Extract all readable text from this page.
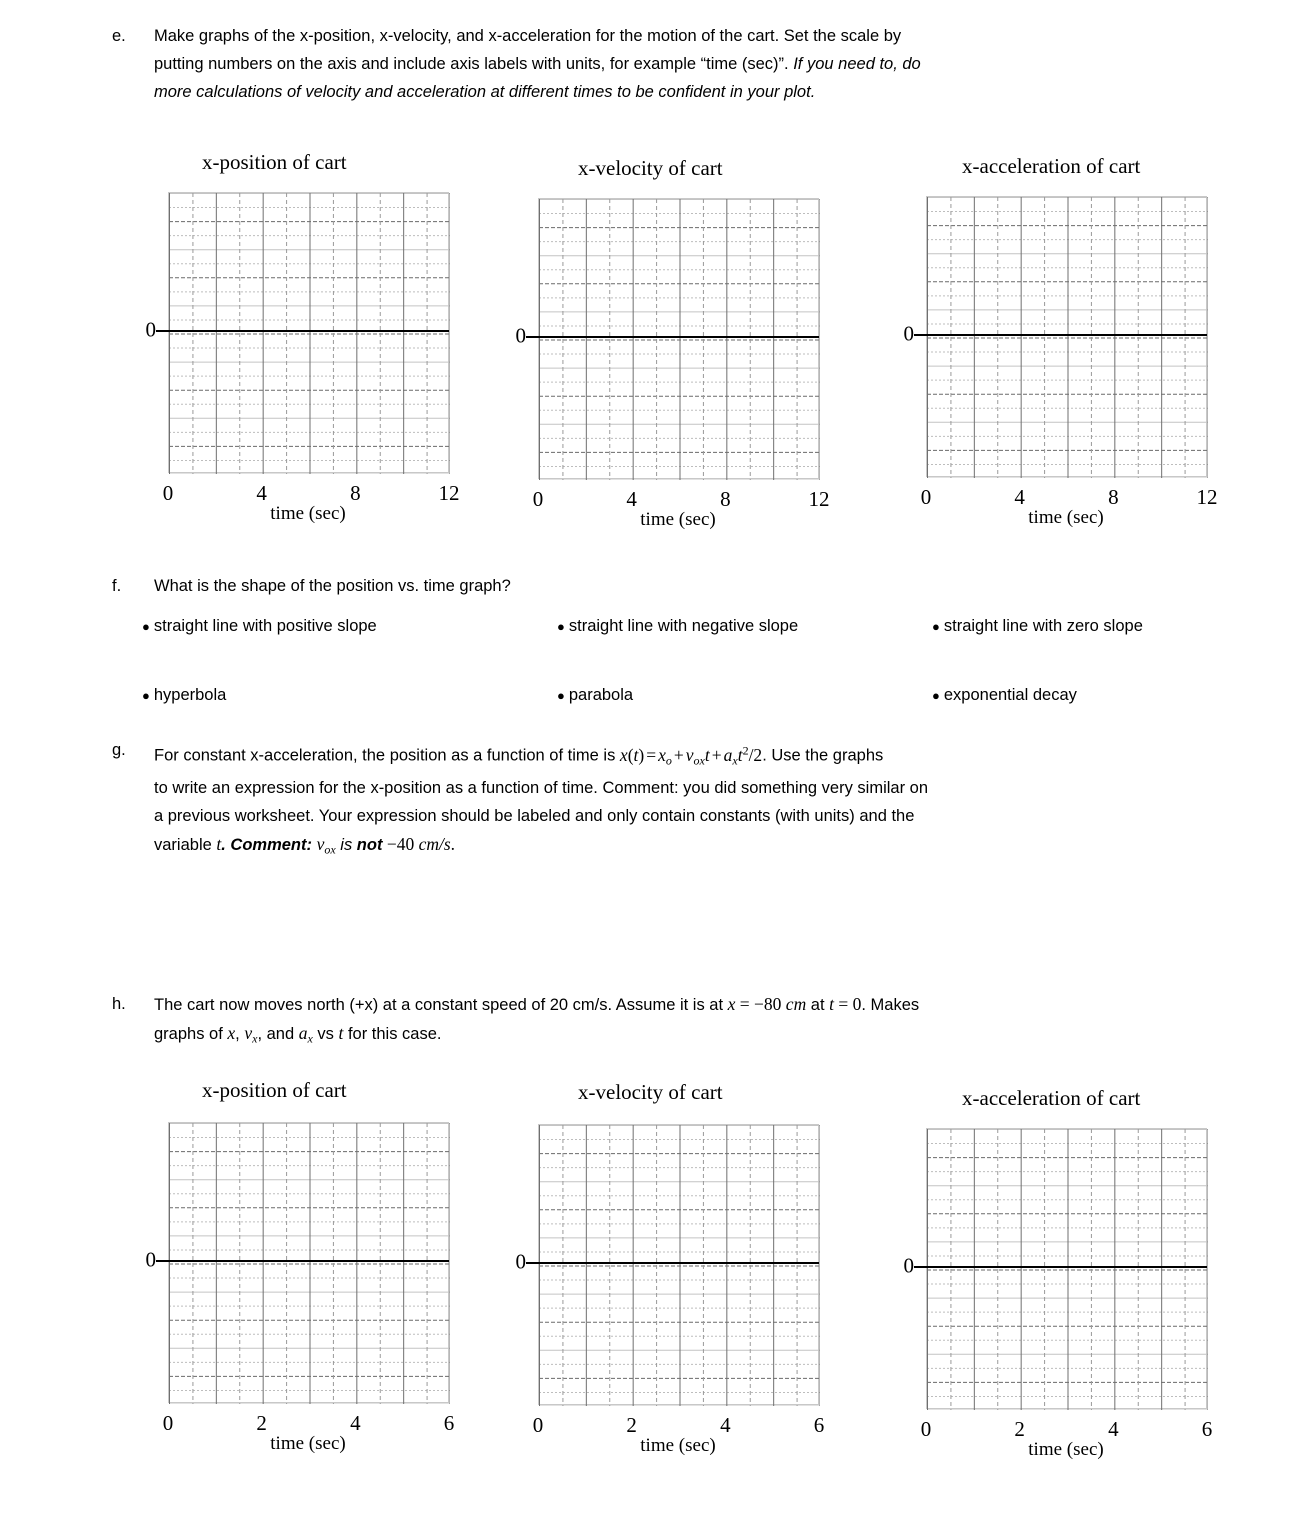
e.	Make graphs of the x-position, x-velocity, and x-acceleration for the motion of the cart. Set the scale by
putting numbers on the axis and include axis labels with units, for example “time (sec)”. If you need to, do
more calculations of velocity and acceleration at different times to be confident in your plot.
x-position of cart
0
0	4	8	12
time (sec)
x-velocity of cart
0
0	4	8	12
time (sec)
x-acceleration of cart
0
0	4	8	12
time (sec)
f.	What is the shape of the position vs. time graph?
● straight line with positive slope	● straight line with negative slope	● straight line with zero slope
● hyperbola	● parabola	● exponential decay
g.	For constant x-acceleration, the position as a function of time is $x(t) = x_o + v_{ox}t + a_xt^2/2$. Use the graphs
to write an expression for the x-position as a function of time. Comment: you did something very similar on
a previous worksheet. Your expression should be labeled and only contain constants (with units) and the
variable t. Comment: $v_{ox}$ is not −40 cm/s.
h.	The cart now moves north (+x) at a constant speed of 20 cm/s. Assume it is at x = −80 cm at t = 0. Makes
graphs of x, $v_x$, and $a_x$ vs t for this case.
x-position of cart
0
0	2	4	6
time (sec)
x-velocity of cart
0
0	2	4	6
time (sec)
x-acceleration of cart
0
0	2	4	6
time (sec)
